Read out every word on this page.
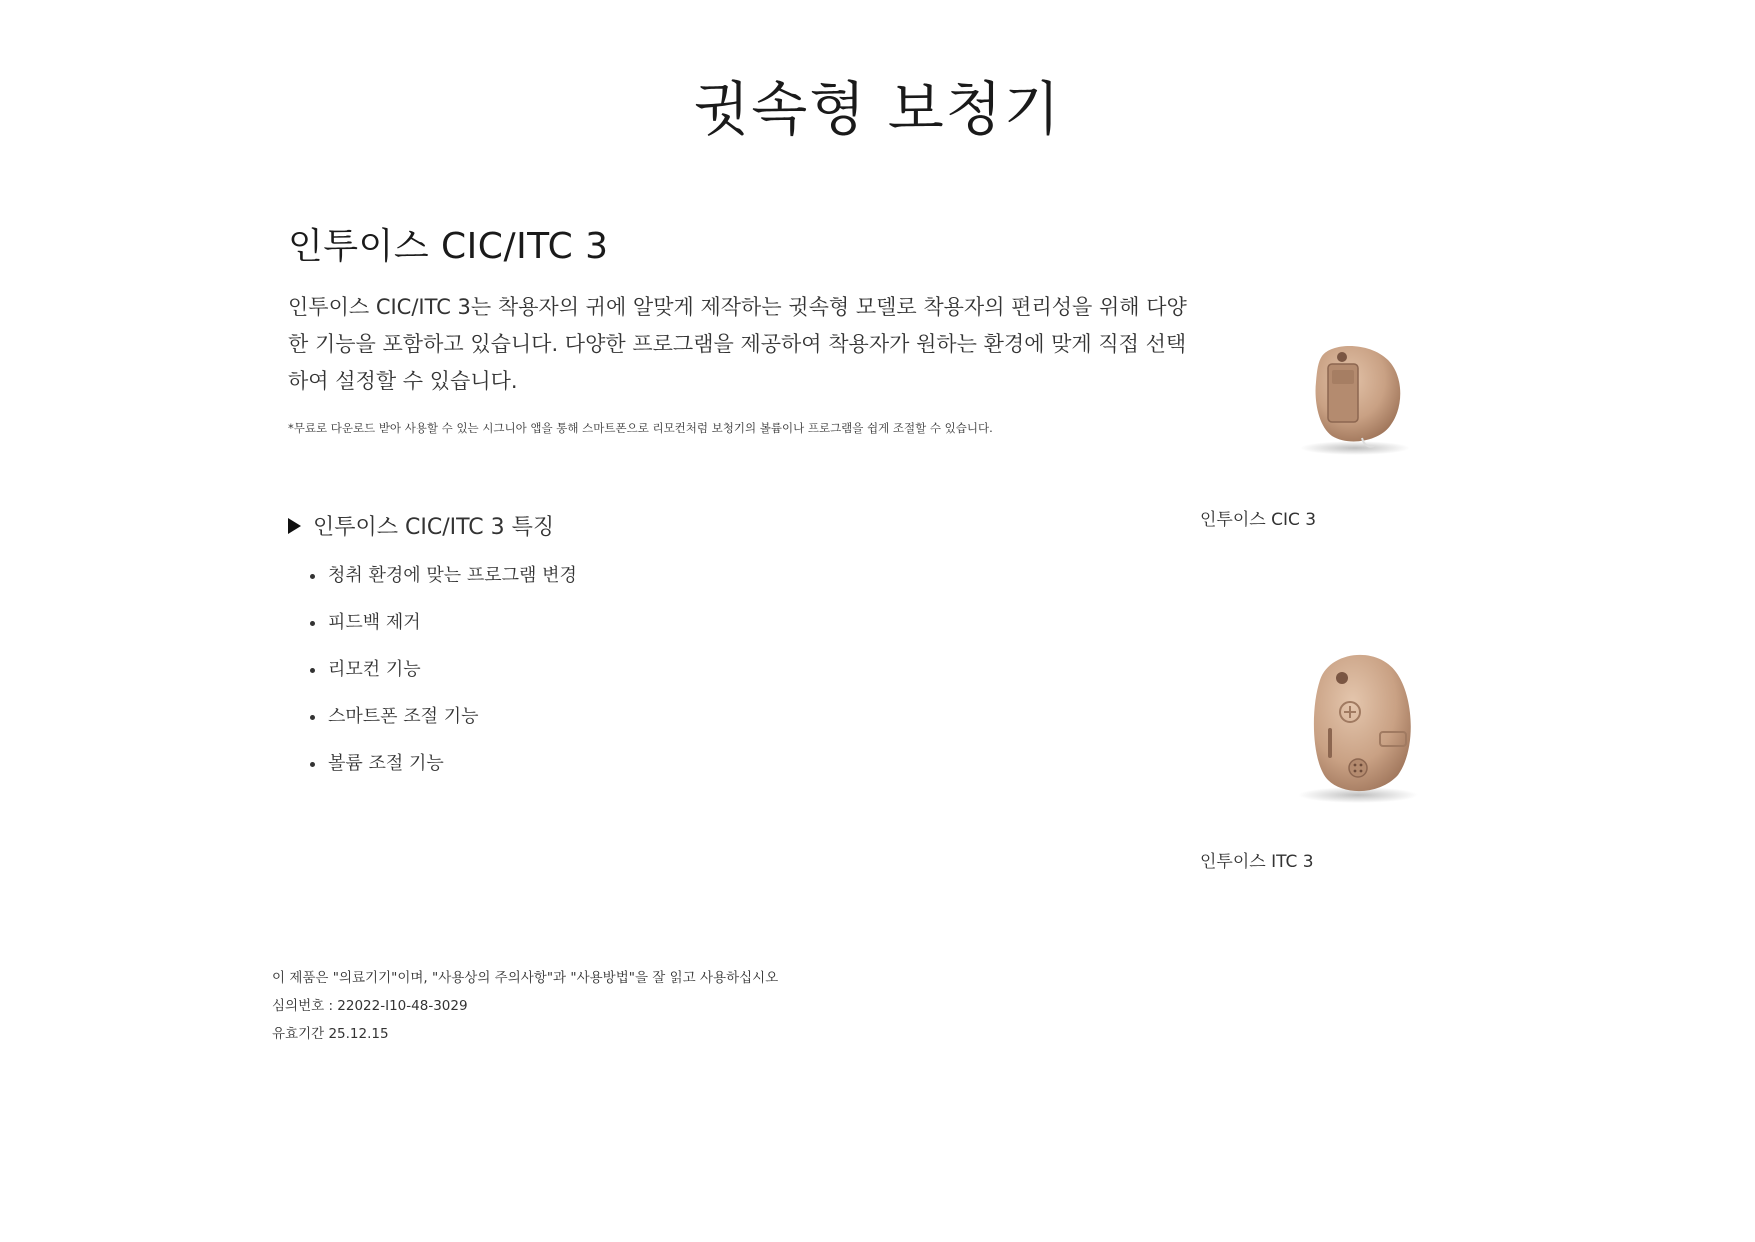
귓속형 보청기
인투이스 CIC/ITC 3

인투이스 CIC/ITC 3는 착용자의 귀에 알맞게 제작하는 귓속형 모델로 착용자의 편리성을 위해 다양한 기능을 포함하고 있습니다. 다양한 프로그램을 제공하여 착용자가 원하는 환경에 맞게 직접 선택하여 설정할 수 있습니다.

*무료로 다운로드 받아 사용할 수 있는 시그니아 앱을 통해 스마트폰으로 리모컨처럼 보청기의 볼륨이나 프로그램을 쉽게 조절할 수 있습니다.

인투이스 CIC/ITC 3 특징
청취 환경에 맞는 프로그램 변경
피드백 제거
리모컨 기능
스마트폰 조절 기능
볼륨 조절 기능
인투이스 CIC 3
인투이스 ITC 3
이 제품은 "의료기기"이며, "사용상의 주의사항"과 "사용방법"을 잘 읽고 사용하십시오
심의번호 : 22022-I10-48-3029
유효기간 25.12.15
